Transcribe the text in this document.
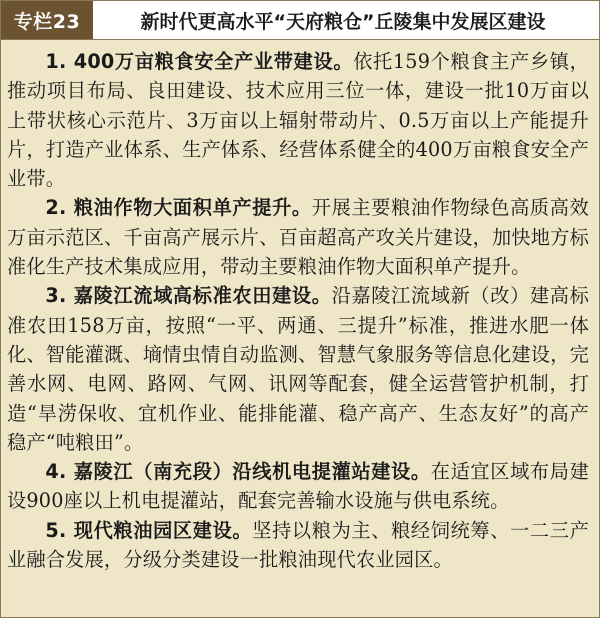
专栏23	新时代更高水平“天府粮仓”丘陵集中发展区建设

1. 400万亩粮食安全产业带建设。依托159个粮食主产乡镇，推动项目布局、良田建设、技术应用三位一体，建设一批10万亩以上带状核心示范片、3万亩以上辐射带动片、0.5万亩以上产能提升片，打造产业体系、生产体系、经营体系健全的400万亩粮食安全产业带。

2. 粮油作物大面积单产提升。开展主要粮油作物绿色高质高效万亩示范区、千亩高产展示片、百亩超高产攻关片建设，加快地方标准化生产技术集成应用，带动主要粮油作物大面积单产提升。

3. 嘉陵江流域高标准农田建设。沿嘉陵江流域新（改）建高标准农田158万亩，按照“一平、两通、三提升”标准，推进水肥一体化、智能灌溉、墒情虫情自动监测、智慧气象服务等信息化建设，完善水网、电网、路网、气网、讯网等配套，健全运营管护机制，打造“旱涝保收、宜机作业、能排能灌、稳产高产、生态友好”的高产稳产“吨粮田”。

4. 嘉陵江（南充段）沿线机电提灌站建设。在适宜区域布局建设900座以上机电提灌站，配套完善输水设施与供电系统。

5. 现代粮油园区建设。坚持以粮为主、粮经饲统筹、一二三产业融合发展，分级分类建设一批粮油现代农业园区。
